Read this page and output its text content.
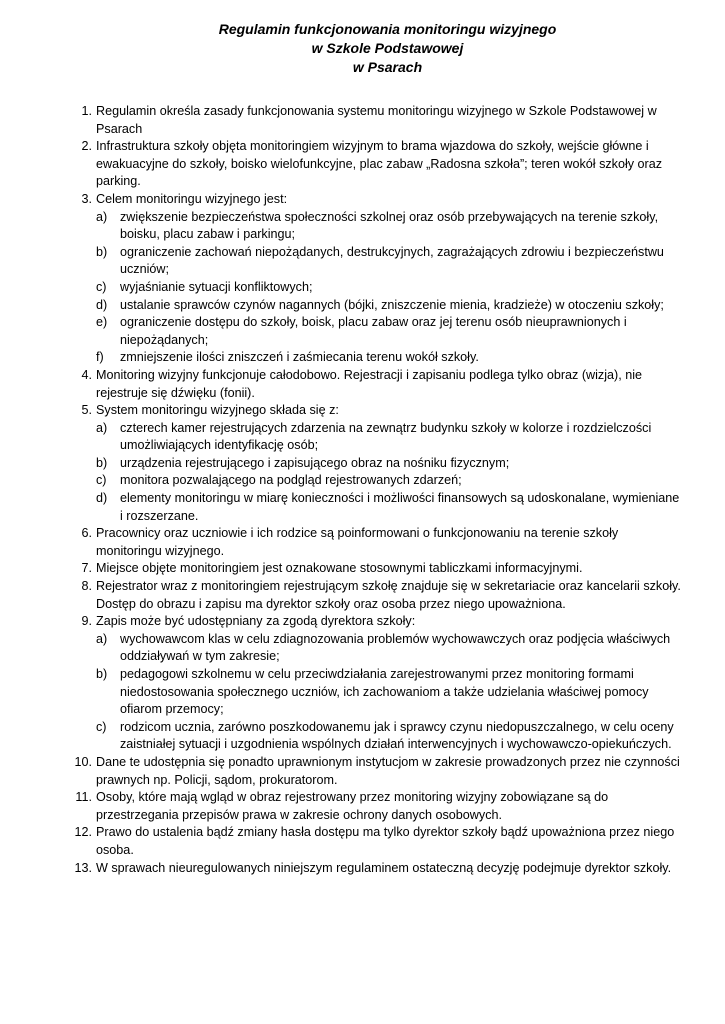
Regulamin funkcjonowania monitoringu wizyjnego
w Szkole Podstawowej
w Psarach
1. Regulamin określa zasady funkcjonowania systemu monitoringu wizyjnego w Szkole Podstawowej w Psarach
2. Infrastruktura szkoły objęta monitoringiem wizyjnym to brama wjazdowa do szkoły, wejście główne i ewakuacyjne do szkoły, boisko wielofunkcyjne, plac zabaw „Radosna szkoła”; teren wokół szkoły oraz parking.
3. Celem monitoringu wizyjnego jest:
a) zwiększenie bezpieczeństwa społeczności szkolnej oraz osób przebywających na terenie szkoły, boisku, placu zabaw i parkingu;
b) ograniczenie zachowań niepożądanych, destrukcyjnych, zagrażających zdrowiu i bezpieczeństwu uczniów;
c) wyjaśnianie sytuacji konfliktowych;
d) ustalanie sprawców czynów nagannych (bójki, zniszczenie mienia, kradzieże) w otoczeniu szkoły;
e) ograniczenie dostępu do szkoły, boisk, placu zabaw oraz jej terenu osób nieuprawnionych i niepożądanych;
f) zmniejszenie ilości zniszczeń i zaśmiecania terenu wokół szkoły.
4. Monitoring wizyjny funkcjonuje całodobowo. Rejestracji i zapisaniu podlega tylko obraz (wizja), nie rejestruje się dźwięku (fonii).
5. System monitoringu wizyjnego składa się z:
a) czterech kamer rejestrujących zdarzenia na zewnątrz budynku szkoły w kolorze i rozdzielczości umożliwiających identyfikację osób;
b) urządzenia rejestrującego i zapisującego obraz na nośniku fizycznym;
c) monitora pozwalającego na podgląd rejestrowanych zdarzeń;
d) elementy monitoringu w miarę konieczności i możliwości finansowych są udoskonalane, wymieniane i rozszerzane.
6. Pracownicy oraz uczniowie i ich rodzice są poinformowani o funkcjonowaniu na terenie szkoły monitoringu wizyjnego.
7. Miejsce objęte monitoringiem jest oznakowane stosownymi tabliczkami informacyjnymi.
8. Rejestrator wraz z monitoringiem rejestrującym szkołę znajduje się w sekretariacie oraz kancelarii szkoły. Dostęp do obrazu i zapisu ma dyrektor szkoły oraz osoba przez niego upoważniona.
9. Zapis może być udostępniany za zgodą dyrektora szkoły:
a) wychowawcom klas w celu zdiagnozowania problemów wychowawczych oraz podjęcia właściwych oddziaływań w tym zakresie;
b) pedagogowi szkolnemu w celu przeciwdziałania zarejestrowanymi przez monitoring formami niedostosowania społecznego uczniów, ich zachowaniom a także udzielania właściwej pomocy ofiarom przemocy;
c) rodzicom ucznia, zarówno poszkodowanemu jak i sprawcy czynu niedopuszczalnego, w celu oceny zaistniałej sytuacji i uzgodnienia wspólnych działań interwencyjnych i wychowawczo-opiekuńczych.
10. Dane te udostępnia się ponadto uprawnionym instytucjom w zakresie prowadzonych przez nie czynności prawnych np. Policji, sądom, prokuratorom.
11. Osoby, które mają wgląd w obraz rejestrowany przez monitoring wizyjny zobowiązane są do przestrzegania przepisów prawa w zakresie ochrony danych osobowych.
12. Prawo do ustalenia bądź zmiany hasła dostępu ma tylko dyrektor szkoły bądź upoważniona przez niego osoba.
13. W sprawach nieuregulowanych niniejszym regulaminem ostateczną decyzję podejmuje dyrektor szkoły.
